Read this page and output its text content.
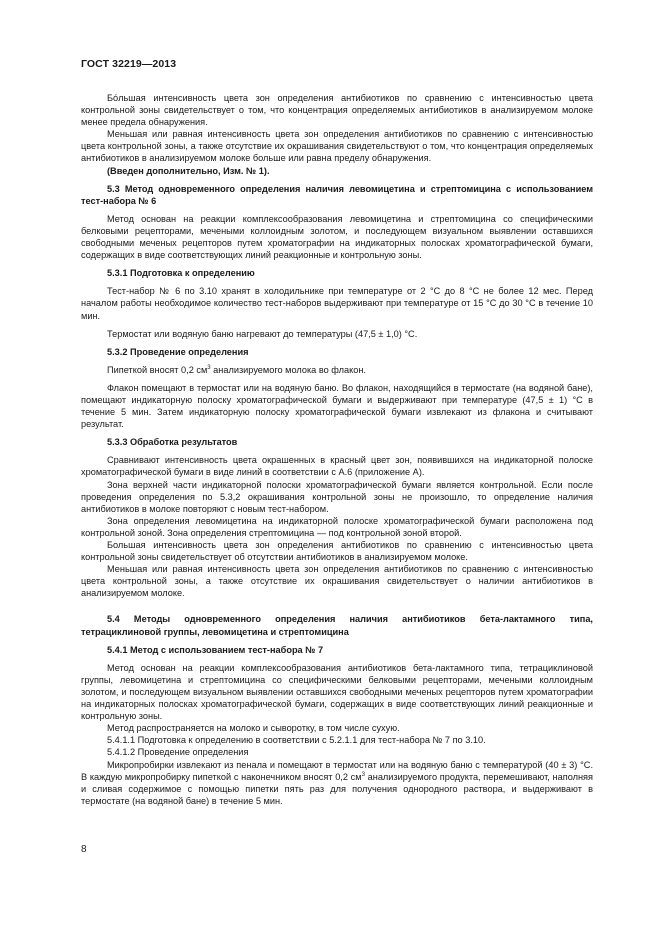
ГОСТ 32219—2013

Бо́льшая интенсивность цвета зон определения антибиотиков по сравнению с интенсивностью цвета контрольной зоны свидетельствует о том, что концентрация определяемых антибиотиков в анализируемом молоке менее предела обнаружения.

Меньшая или равная интенсивность цвета зон определения антибиотиков по сравнению с интенсивностью цвета контрольной зоны, а также отсутствие их окрашивания свидетельствуют о том, что концентрация определяемых антибиотиков в анализируемом молоке больше или равна пределу обнаружения.

(Введен дополнительно, Изм. № 1).

5.3 Метод одновременного определения наличия левомицетина и стрептомицина с использованием тест-набора № 6

Метод основан на реакции комплексообразования левомицетина и стрептомицина со специфическими белковыми рецепторами, мечеными коллоидным золотом, и последующем визуальном выявлении оставшихся свободными меченых рецепторов путем хроматографии на индикаторных полосках хроматографической бумаги, содержащих в виде соответствующих линий реакционные и контрольную зоны.

5.3.1 Подготовка к определению

Тест-набор № 6 по 3.10 хранят в холодильнике при температуре от 2 °С до 8 °С не более 12 мес. Перед началом работы необходимое количество тест-наборов выдерживают при температуре от 15 °С до 30 °С в течение 10 мин.

Термостат или водяную баню нагревают до температуры (47,5 ± 1,0) °С.

5.3.2 Проведение определения

Пипеткой вносят 0,2 $см^3$ анализируемого молока во флакон.

Флакон помещают в термостат или на водяную баню. Во флакон, находящийся в термостате (на водяной бане), помещают индикаторную полоску хроматографической бумаги и выдерживают при температуре (47,5 ± 1) °С в течение 5 мин. Затем индикаторную полоску хроматографической бумаги извлекают из флакона и считывают результат.

5.3.3 Обработка результатов

Сравнивают интенсивность цвета окрашенных в красный цвет зон, появившихся на индикаторной полоске хроматографической бумаги в виде линий в соответствии с А.6 (приложение А).

Зона верхней части индикаторной полоски хроматографической бумаги является контрольной. Если после проведения определения по 5.3,2 окрашивания контрольной зоны не произошло, то определение наличия антибиотиков в молоке повторяют с новым тест-набором.

Зона определения левомицетина на индикаторной полоске хроматографической бумаги расположена под контрольной зоной. Зона определения стрептомицина — под контрольной зоной второй.

Большая интенсивность цвета зон определения антибиотиков по сравнению с интенсивностью цвета контрольной зоны свидетельствует об отсутствии антибиотиков в анализируемом молоке.

Меньшая или равная интенсивность цвета зон определения антибиотиков по сравнению с интенсивностью цвета контрольной зоны, а также отсутствие их окрашивания свидетельствует о наличии антибиотиков в анализируемом молоке.

5.4 Методы одновременного определения наличия антибиотиков бета-лактамного типа, тетрациклиновой группы, левомицетина и стрептомицина

5.4.1 Метод с использованием тест-набора № 7

Метод основан на реакции комплексообразования антибиотиков бета-лактамного типа, тетрациклиновой группы, левомицетина и стрептомицина со специфическими белковыми рецепторами, мечеными коллоидным золотом, и последующем визуальном выявлении оставшихся свободными меченых рецепторов путем хроматографии на индикаторных полосках хроматографической бумаги, содержащих в виде соответствующих линий реакционные и контрольную зоны.

Метод распространяется на молоко и сыворотку, в том числе сухую.

5.4.1.1 Подготовка к определению в соответствии с 5.2.1.1 для тест-набора № 7 по 3.10.

5.4.1.2 Проведение определения

Микропробирки извлекают из пенала и помещают в термостат или на водяную баню с температурой (40 ± 3) °С. В каждую микропробирку пипеткой с наконечником вносят 0,2 $см^3$ анализируемого продукта, перемешивают, наполняя и сливая содержимое с помощью пипетки пять раз для получения однородного раствора, и выдерживают в термостате (на водяной бане) в течение 5 мин.

8
